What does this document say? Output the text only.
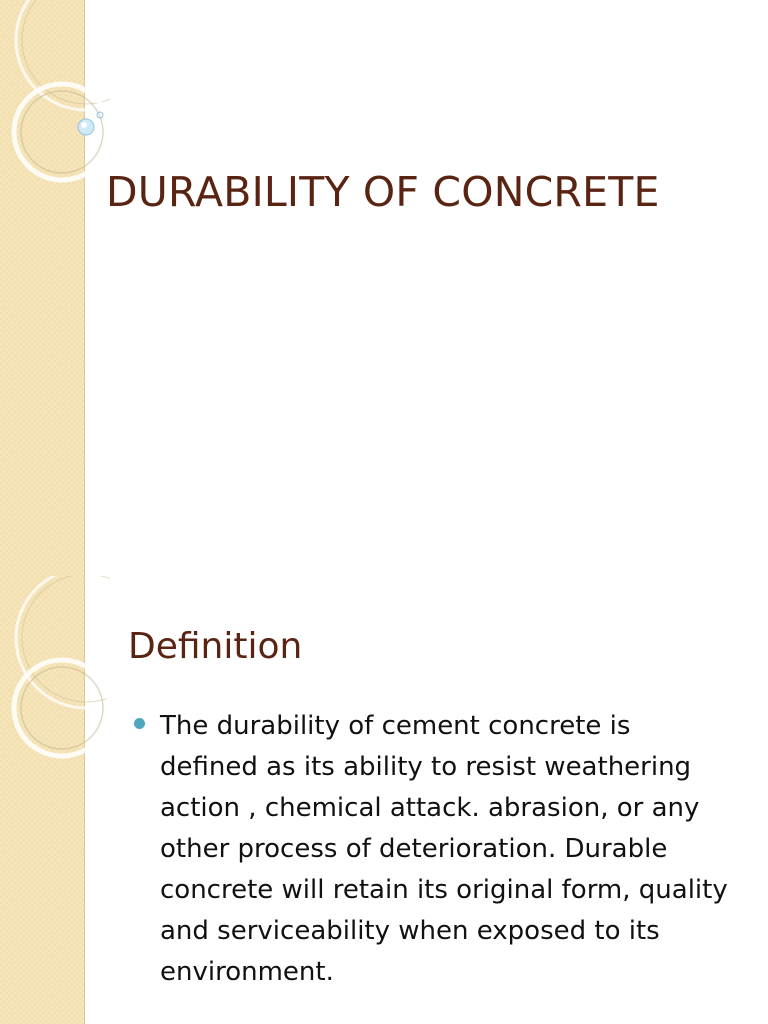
DURABILITY OF CONCRETE
Definition

The durability of cement concrete is defined as its ability to resist weathering action , chemical attack. abrasion, or any other process of deterioration. Durable concrete will retain its original form, quality and serviceability when exposed to its environment.
